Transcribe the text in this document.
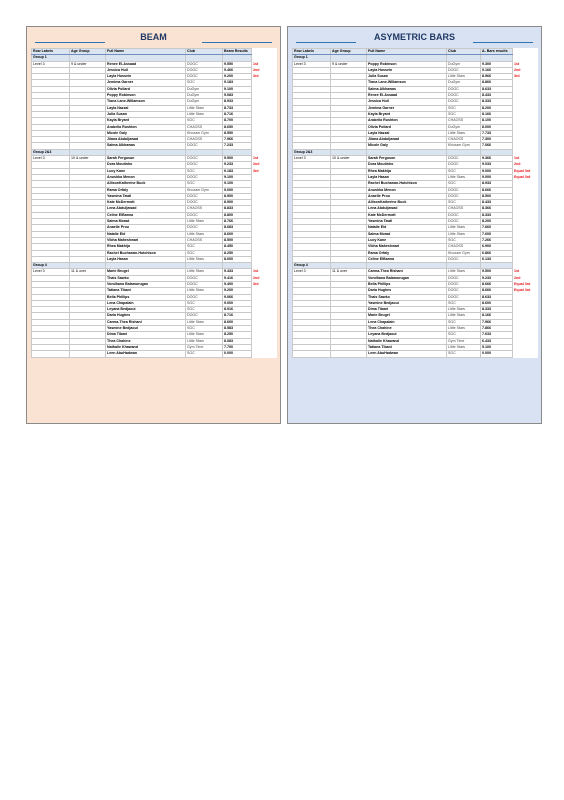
BEAM
Row Labels	Age Group	Full Name	Club	Beam Results	
Group 1					
Level 3	9 & under	Renee El-Assaad	DOGC	9.550	1st
		Jessica Hull	DOGC	9.466	2nd
		Layla Hussein	DOGC	9.200	3rd
		Jemima Garner	SGC	9.183	
		Olivia Pollard	DuGym	9.100	
		Poppy Robinson	DuGym	9.083	
		Tiana Lane-Willamson	DuGym	8.933	
		Layla Nazzal	Little Stars	8.733	
		Julia Susan	Little Stars	8.716	
		Kayla Bryant	SGC	8.700	
		Arabella Rushton	CHAOSS	8.650	
		Micole Galy	Khozam Gym	8.550	
		Jilana Abdul|awad	CHAOSS	7.966	
		Salma Alkhawas	DOGC	7.233	
Group 2&3					
Level 3	10 & under	Sarah Ferguson	DOGC	9.500	1st
		Dora Moutinho	DOGC	9.233	2nd
		Lucy Kane	SGC	9.183	3rd
		Anushka Menon	DOGC	9.100	
		AllisonKatherine Buck	SGC	9.100	
		Rama Orfaly	Khozam Gym	9.000	
		Yasmina Tawil	DOGC	8.900	
		Kate McDermott	DOGC	8.900	
		Lena Abdul|awad	CHAOSS	8.833	
		Celine ElBanna	DOGC	8.800	
		Salma Morad	Little Stars	8.766	
		Anaelle Prou	DOGC	8.683	
		Natalie Eid	Little Stars	8.600	
		Vibha Maheshwari	CHAOSS	8.500	
		Rhea Makhija	SGC	8.450	
		Rachel Buchanan-Hutchison	SGC	8.250	
		Layla Hasan	Little Stars	8.000	
Group 4					
Level 3	11 & over	Marie Brugel	Little Stars	9.433	1st
		Thais Sawko	DOGC	9.416	2nd
		Vondhana Balamurugan	DOGC	9.400	3rd
		Tatiana Tibani	Little Stars	9.200	
		Bella Phillips	DOGC	9.066	
		Lena Chapalain	SGC	9.000	
		Leyana Bedjaoui	SGC	8.916	
		Daria Hughes	DOGC	8.716	
		Carma-Thea Rishani	Little Stars	8.600	
		Yasmine Bedjaoui	SGC	8.583	
		Dima Tibani	Little Stars	8.250	
		Thea Chahine	Little Stars	8.083	
		Nathalie Khawand	Gym Time	7.700	
		Leen AbuHadwan	SGC	0.000	
ASYMETRIC BARS
Row Labels	Age Group	Full Name	Club	A- Bars results	
Group 1					
Level 3	9 & under	Poppy Robinson	DuGym	9.300	1st
		Layla Hussein	DOGC	9.166	2nd
		Julia Susan	Little Stars	8.966	3rd
		Tiana Lane-Willamson	DuGym	8.866	
		Salma Alkhawas	DOGC	8.633	
		Renee El-Assaad	DOGC	8.433	
		Jessica Hull	DOGC	8.333	
		Jemima Garner	SGC	8.200	
		Kayla Bryant	SGC	8.166	
		Arabella Rushton	CHAOSS	8.100	
		Olivia Pollard	DuGym	8.000	
		Layla Nazzal	Little Stars	7.733	
		Jilana Abdul|awad	CHAOSS	7.300	
		Micole Galy	Khozam Gym	7.066	
Group 2&3					
Level 3	10 & under	Sarah Ferguson	DOGC	9.366	1st
		Dora Moutinho	DOGC	9.033	2nd
		Rhea Makhija	SGC	9.000	Equal 3rd
		Layla Hasan	Little Stars	9.000	Equal 3rd
		Rachel Buchanan-Hutchison	SGC	8.933	
		Anushka Menon	DOGC	8.666	
		Anaelle Prou	DOGC	8.500	
		AllisonKatherine Buck	SGC	8.433	
		Lena Abdul|awad	CHAOSS	8.366	
		Kate McDermott	DOGC	8.333	
		Yasmina Tawil	DOGC	8.200	
		Natalie Eid	Little Stars	7.660	
		Salma Morad	Little Stars	7.600	
		Lucy Kane	SGC	7.266	
		Vibha Maheshwari	CHAOSS	6.900	
		Rama Orfaly	Khozam Gym	6.866	
		Celine ElBanna	DOGC	6.133	
Group 4					
Level 3	11 & over	Carma-Thea Rishani	Little Stars	9.500	1st
		Vondhana Balamurugan	DOGC	9.233	2nd
		Bella Phillips	DOGC	8.666	Equal 3rd
		Daria Hughes	DOGC	8.666	Equal 3rd
		Thais Sawko	DOGC	8.633	
		Yasmine Bedjaoui	SGC	8.600	
		Dima Tibani	Little Stars	8.333	
		Marie Brugel	Little Stars	8.166	
		Lena Chapalain	SGC	7.966	
		Thea Chahine	Little Stars	7.866	
		Leyana Bedjaoui	SGC	7.633	
		Nathalie Khawand	Gym Time	6.433	
		Tatiana Tibani	Little Stars	5.100	
		Leen AbuHadwan	SGC	0.000	
